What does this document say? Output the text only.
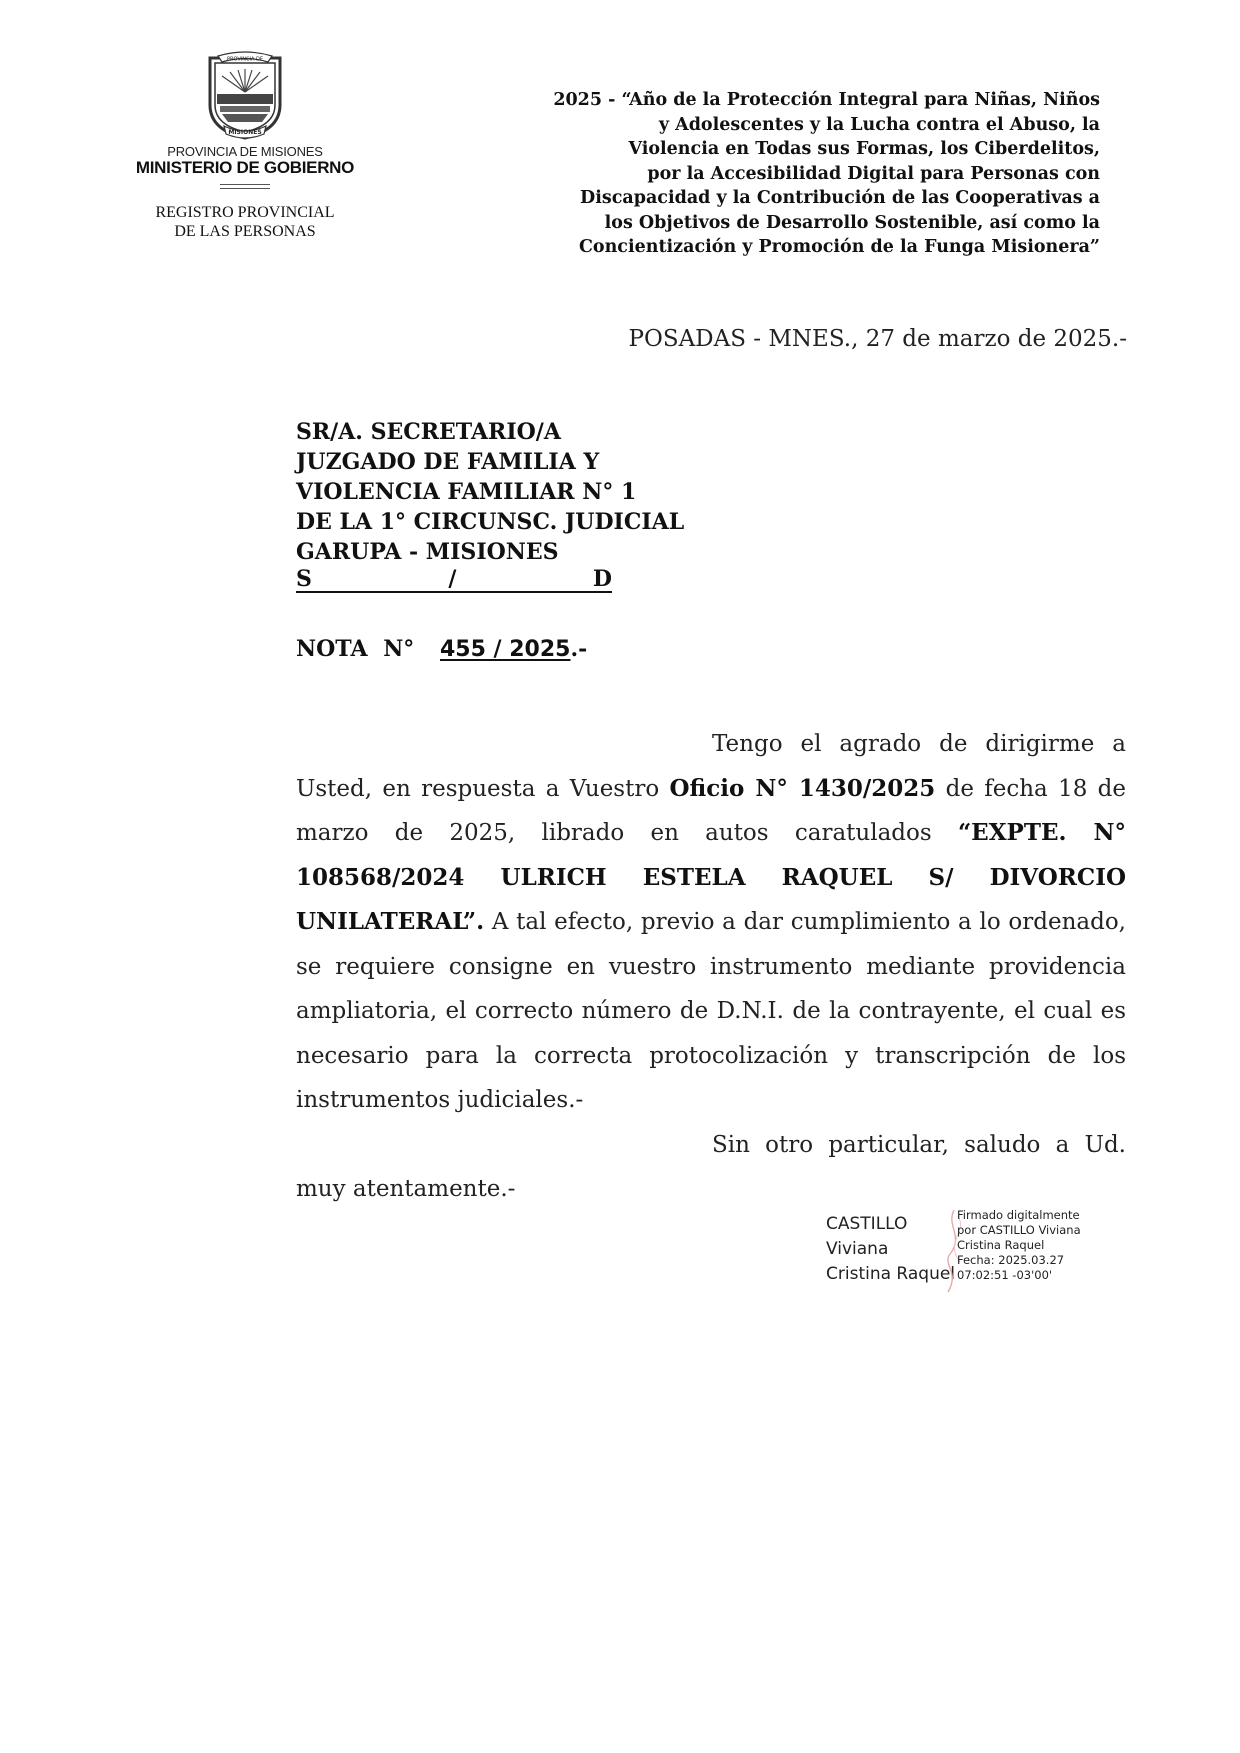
PROVINCIA DE
MISIONES
PROVINCIA DE MISIONES
MINISTERIO DE GOBIERNO
REGISTRO PROVINCIAL
DE LAS PERSONAS
2025 - “Año de la Protección Integral para Niñas, Niños
y Adolescentes y la Lucha contra el Abuso, la
Violencia en Todas sus Formas, los Ciberdelitos,
por la Accesibilidad Digital para Personas con
Discapacidad y la Contribución de las Cooperativas a
los Objetivos de Desarrollo Sostenible, así como la
Concientización y Promoción de la Funga Misionera”
POSADAS - MNES., 27 de marzo de 2025.-
SR/A. SECRETARIO/A
JUZGADO DE FAMILIA Y
VIOLENCIA FAMILIAR N° 1
DE LA 1° CIRCUNSC. JUDICIAL
GARUPA - MISIONES
S	/	D
NOTA N° 455 / 2025.-

Tengo el agrado de dirigirme a Usted, en respuesta a Vuestro Oficio N° 1430/2025 de fecha 18 de marzo de 2025, librado en autos caratulados “EXPTE. N° 108568/2024 ULRICH ESTELA RAQUEL S/ DIVORCIO UNILATERAL”. A tal efecto, previo a dar cumplimiento a lo ordenado, se requiere consigne en vuestro instrumento mediante providencia ampliatoria, el correcto número de D.N.I. de la contrayente, el cual es necesario para la correcta protocolización y transcripción de los instrumentos judiciales.-

Sin otro particular, saludo a Ud. muy atentamente.-

CASTILLO
Viviana
Cristina Raquel
Firmado digitalmente
por CASTILLO Viviana
Cristina Raquel
Fecha: 2025.03.27
07:02:51 -03'00'
